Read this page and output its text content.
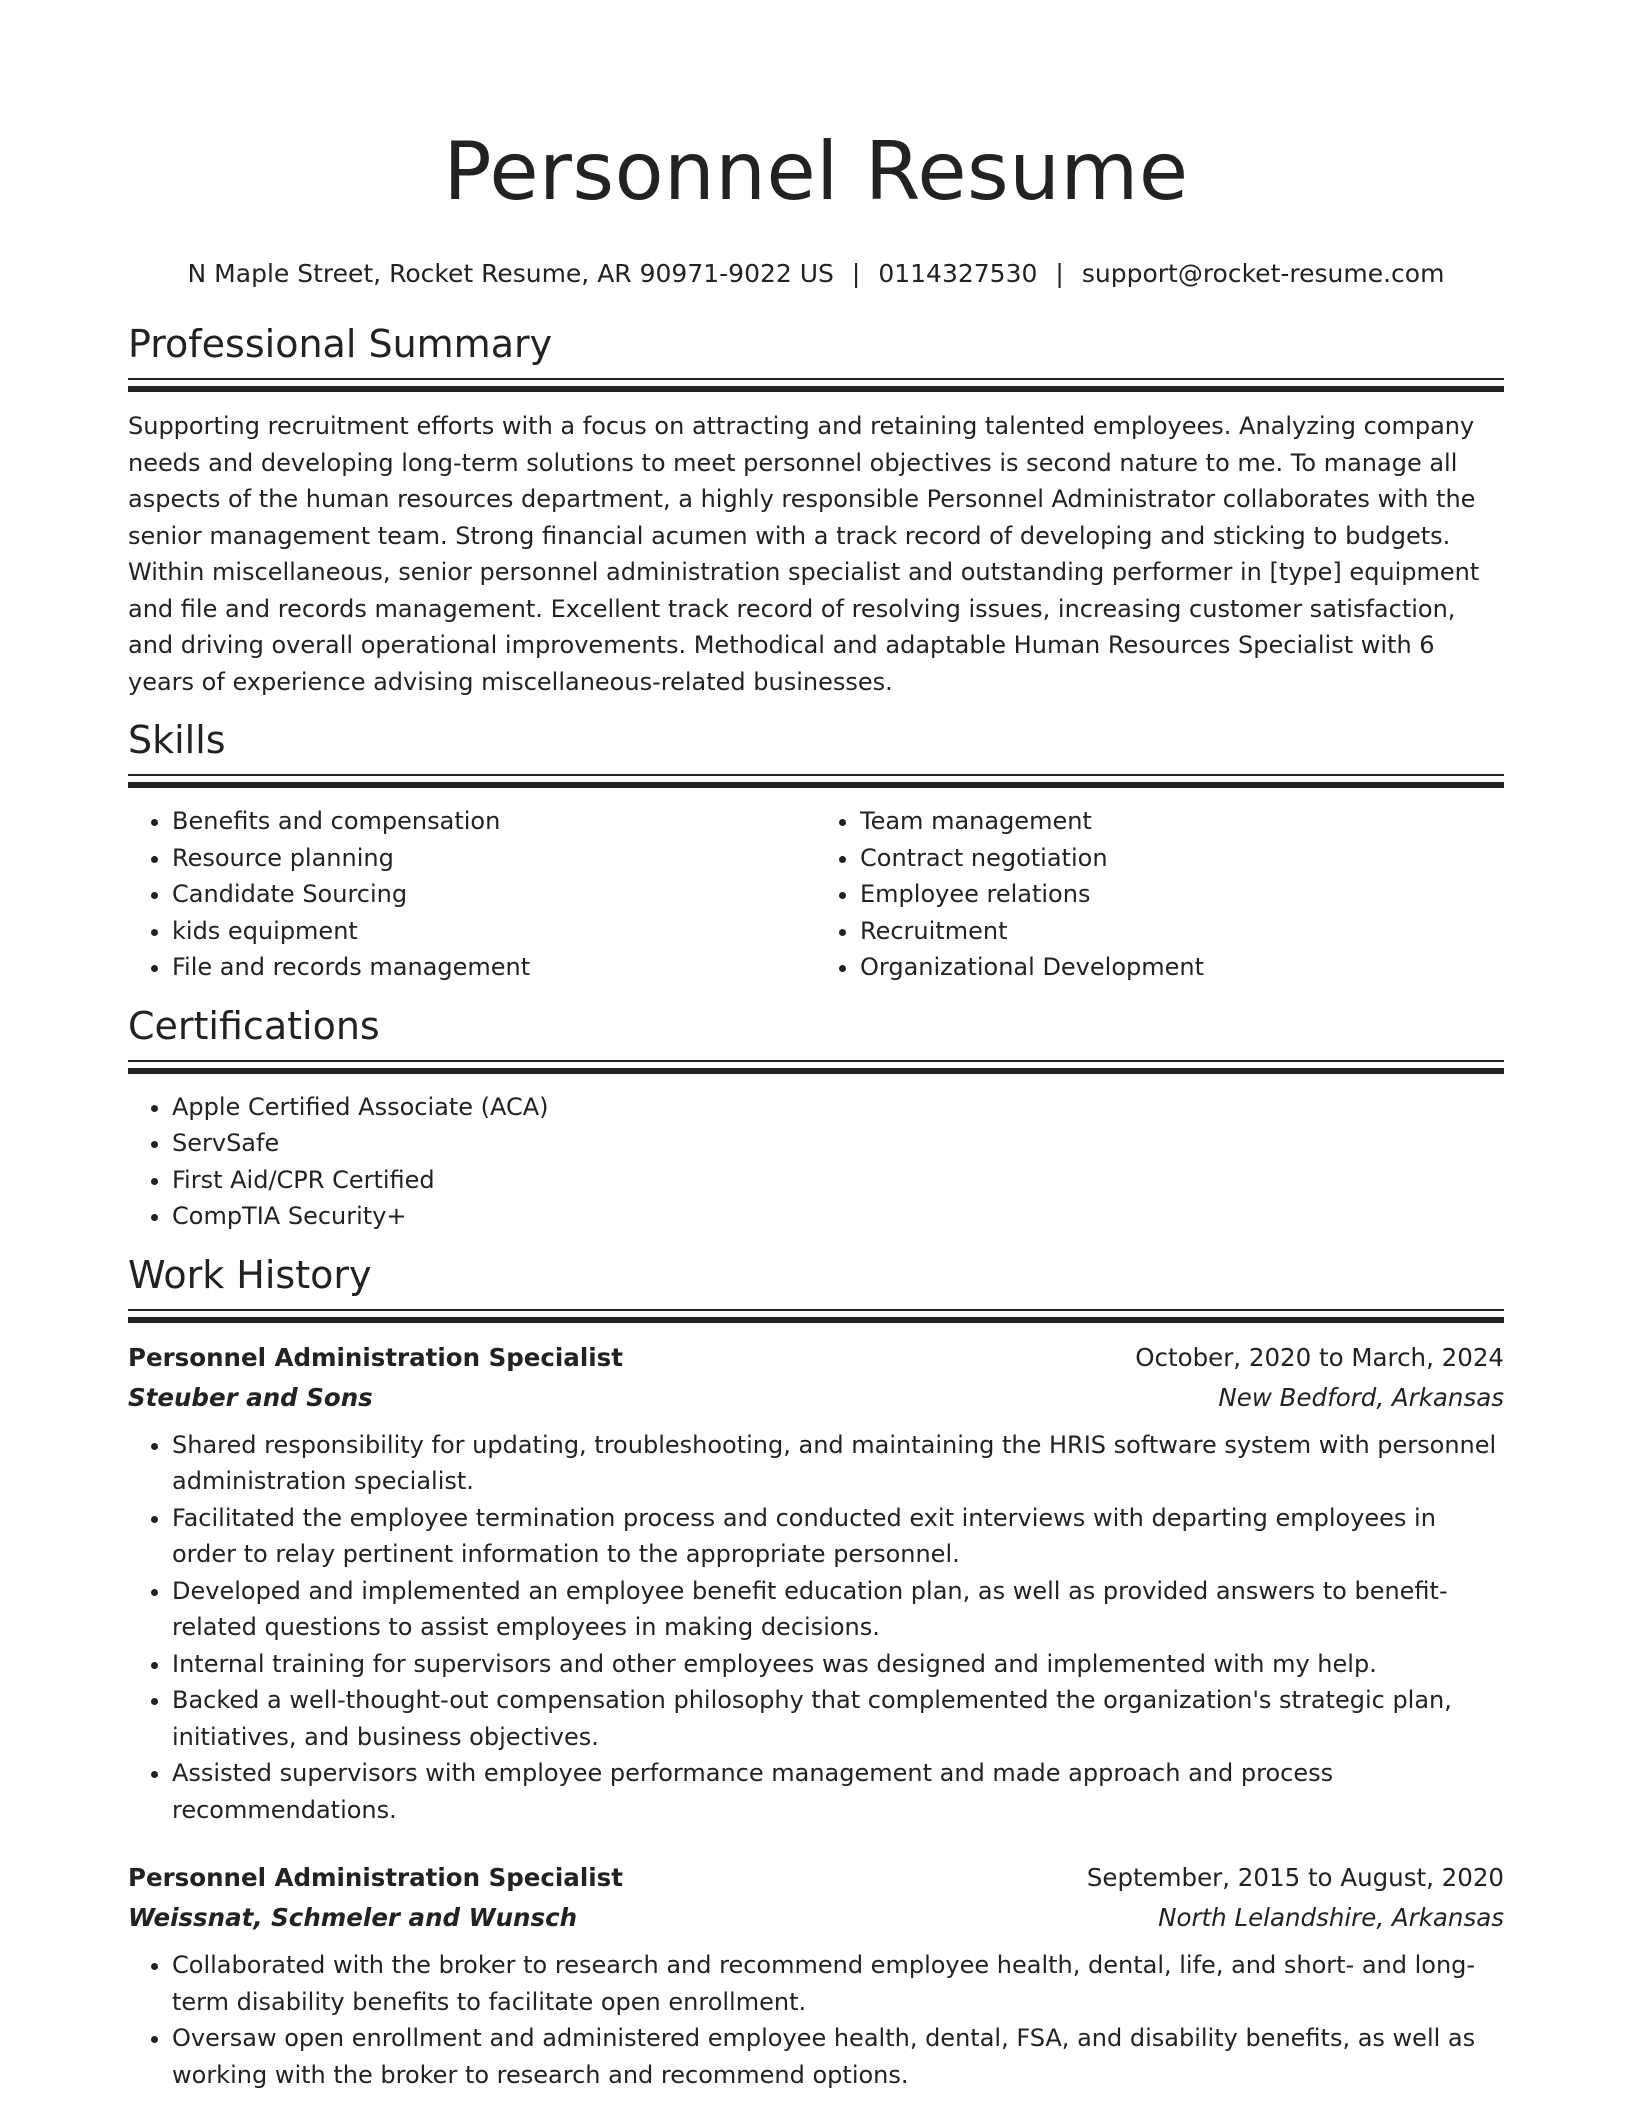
Personnel Resume
N Maple Street, Rocket Resume, AR 90971-9022 US | 0114327530 | support@rocket-resume.com
Professional Summary

Supporting recruitment efforts with a focus on attracting and retaining talented employees. Analyzing company needs and developing long-term solutions to meet personnel objectives is second nature to me. To manage all aspects of the human resources department, a highly responsible Personnel Administrator collaborates with the senior management team. Strong financial acumen with a track record of developing and sticking to budgets. Within miscellaneous, senior personnel administration specialist and outstanding performer in [type] equipment and file and records management. Excellent track record of resolving issues, increasing customer satisfaction, and driving overall operational improvements. Methodical and adaptable Human Resources Specialist with 6 years of experience advising miscellaneous-related businesses.

Skills
• Benefits and compensation
• Resource planning
• Candidate Sourcing
• kids equipment
• File and records management
• Team management
• Contract negotiation
• Employee relations
• Recruitment
• Organizational Development
Certifications
• Apple Certified Associate (ACA)
• ServSafe
• First Aid/CPR Certified
• CompTIA Security+
Work History
Personnel Administration Specialist	October, 2020 to March, 2024
Steuber and Sons	New Bedford, Arkansas
• Shared responsibility for updating, troubleshooting, and maintaining the HRIS software system with personnel administration specialist.
• Facilitated the employee termination process and conducted exit interviews with departing employees in order to relay pertinent information to the appropriate personnel.
• Developed and implemented an employee benefit education plan, as well as provided answers to benefit-related questions to assist employees in making decisions.
• Internal training for supervisors and other employees was designed and implemented with my help.
• Backed a well-thought-out compensation philosophy that complemented the organization's strategic plan, initiatives, and business objectives.
• Assisted supervisors with employee performance management and made approach and process recommendations.
Personnel Administration Specialist	September, 2015 to August, 2020
Weissnat, Schmeler and Wunsch	North Lelandshire, Arkansas
• Collaborated with the broker to research and recommend employee health, dental, life, and short- and long-term disability benefits to facilitate open enrollment.
• Oversaw open enrollment and administered employee health, dental, FSA, and disability benefits, as well as working with the broker to research and recommend options.
